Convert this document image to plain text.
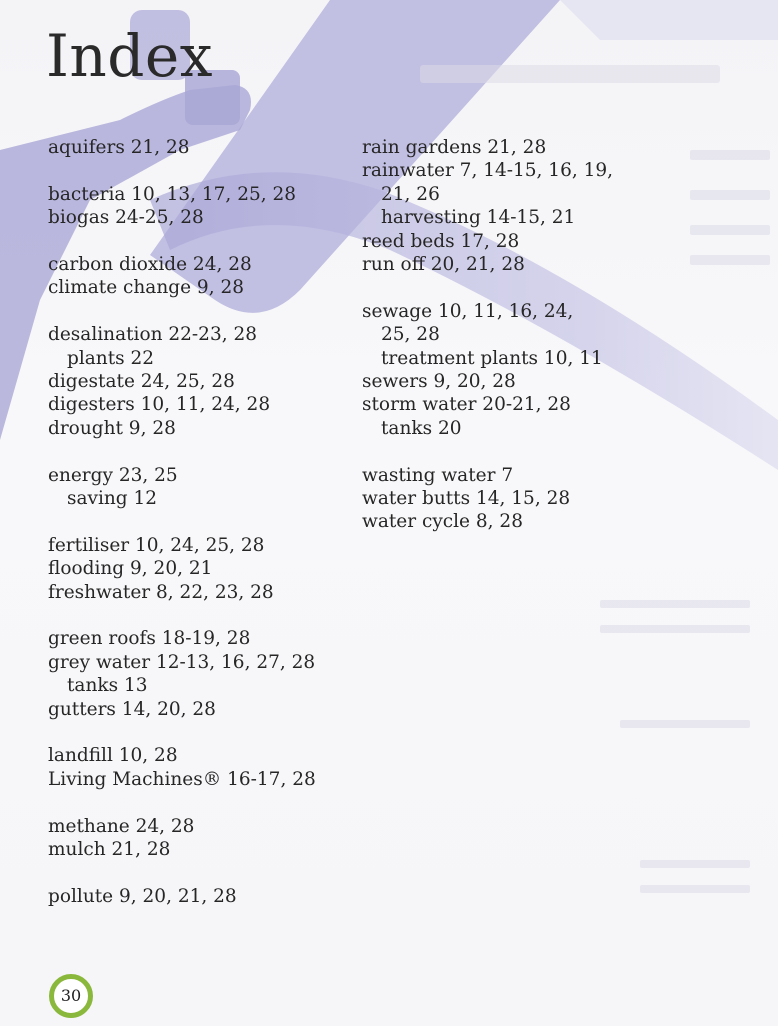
Index
aquifers 21, 28
bacteria 10, 13, 17, 25, 28
biogas 24-25, 28
carbon dioxide 24, 28
climate change 9, 28
desalination 22-23, 28
plants 22
digestate 24, 25, 28
digesters 10, 11, 24, 28
drought 9, 28
energy 23, 25
saving 12
fertiliser 10, 24, 25, 28
flooding 9, 20, 21
freshwater 8, 22, 23, 28
green roofs 18-19, 28
grey water 12-13, 16, 27, 28
tanks 13
gutters 14, 20, 28
landfill 10, 28
Living Machines® 16-17, 28
methane 24, 28
mulch 21, 28
pollute 9, 20, 21, 28
rain gardens 21, 28
rainwater 7, 14-15, 16, 19,
21, 26
harvesting 14-15, 21
reed beds 17, 28
run off 20, 21, 28
sewage 10, 11, 16, 24,
25, 28
treatment plants 10, 11
sewers 9, 20, 28
storm water 20-21, 28
tanks 20
wasting water 7
water butts 14, 15, 28
water cycle 8, 28
30
